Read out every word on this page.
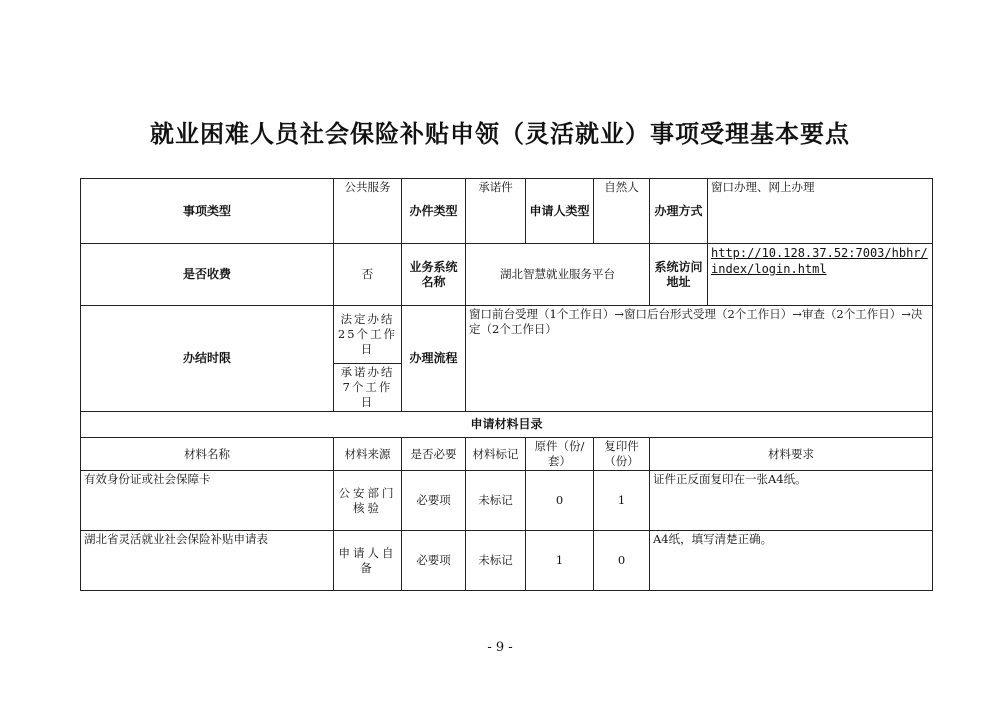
就业困难人员社会保险补贴申领（灵活就业）事项受理基本要点
事项类型	公共服务	办件类型	承诺件	申请人类型	自然人	办理方式	窗口办理、网上办理
是否收费	否	业务系统名称	湖北智慧就业服务平台			系统访问地址	http://10.128.37.52:7003/hbhr/index/login.html
办结时限	法定办结25个工作日	办理流程	窗口前台受理（1个工作日）→窗口后台形式受理（2个工作日）→审查（2个工作日）→决定（2个工作日）				
	承诺办结7个工作日						
申请材料目录							
材料名称	材料来源	是否必要	材料标记	原件（份/套）	复印件（份）	材料要求	
有效身份证或社会保障卡	公安部门核验	必要项	未标记	0	1	证件正反面复印在一张A4纸。	
湖北省灵活就业社会保险补贴申请表	申请人自备	必要项	未标记	1	0	A4纸，填写清楚正确。	
- 9 -
